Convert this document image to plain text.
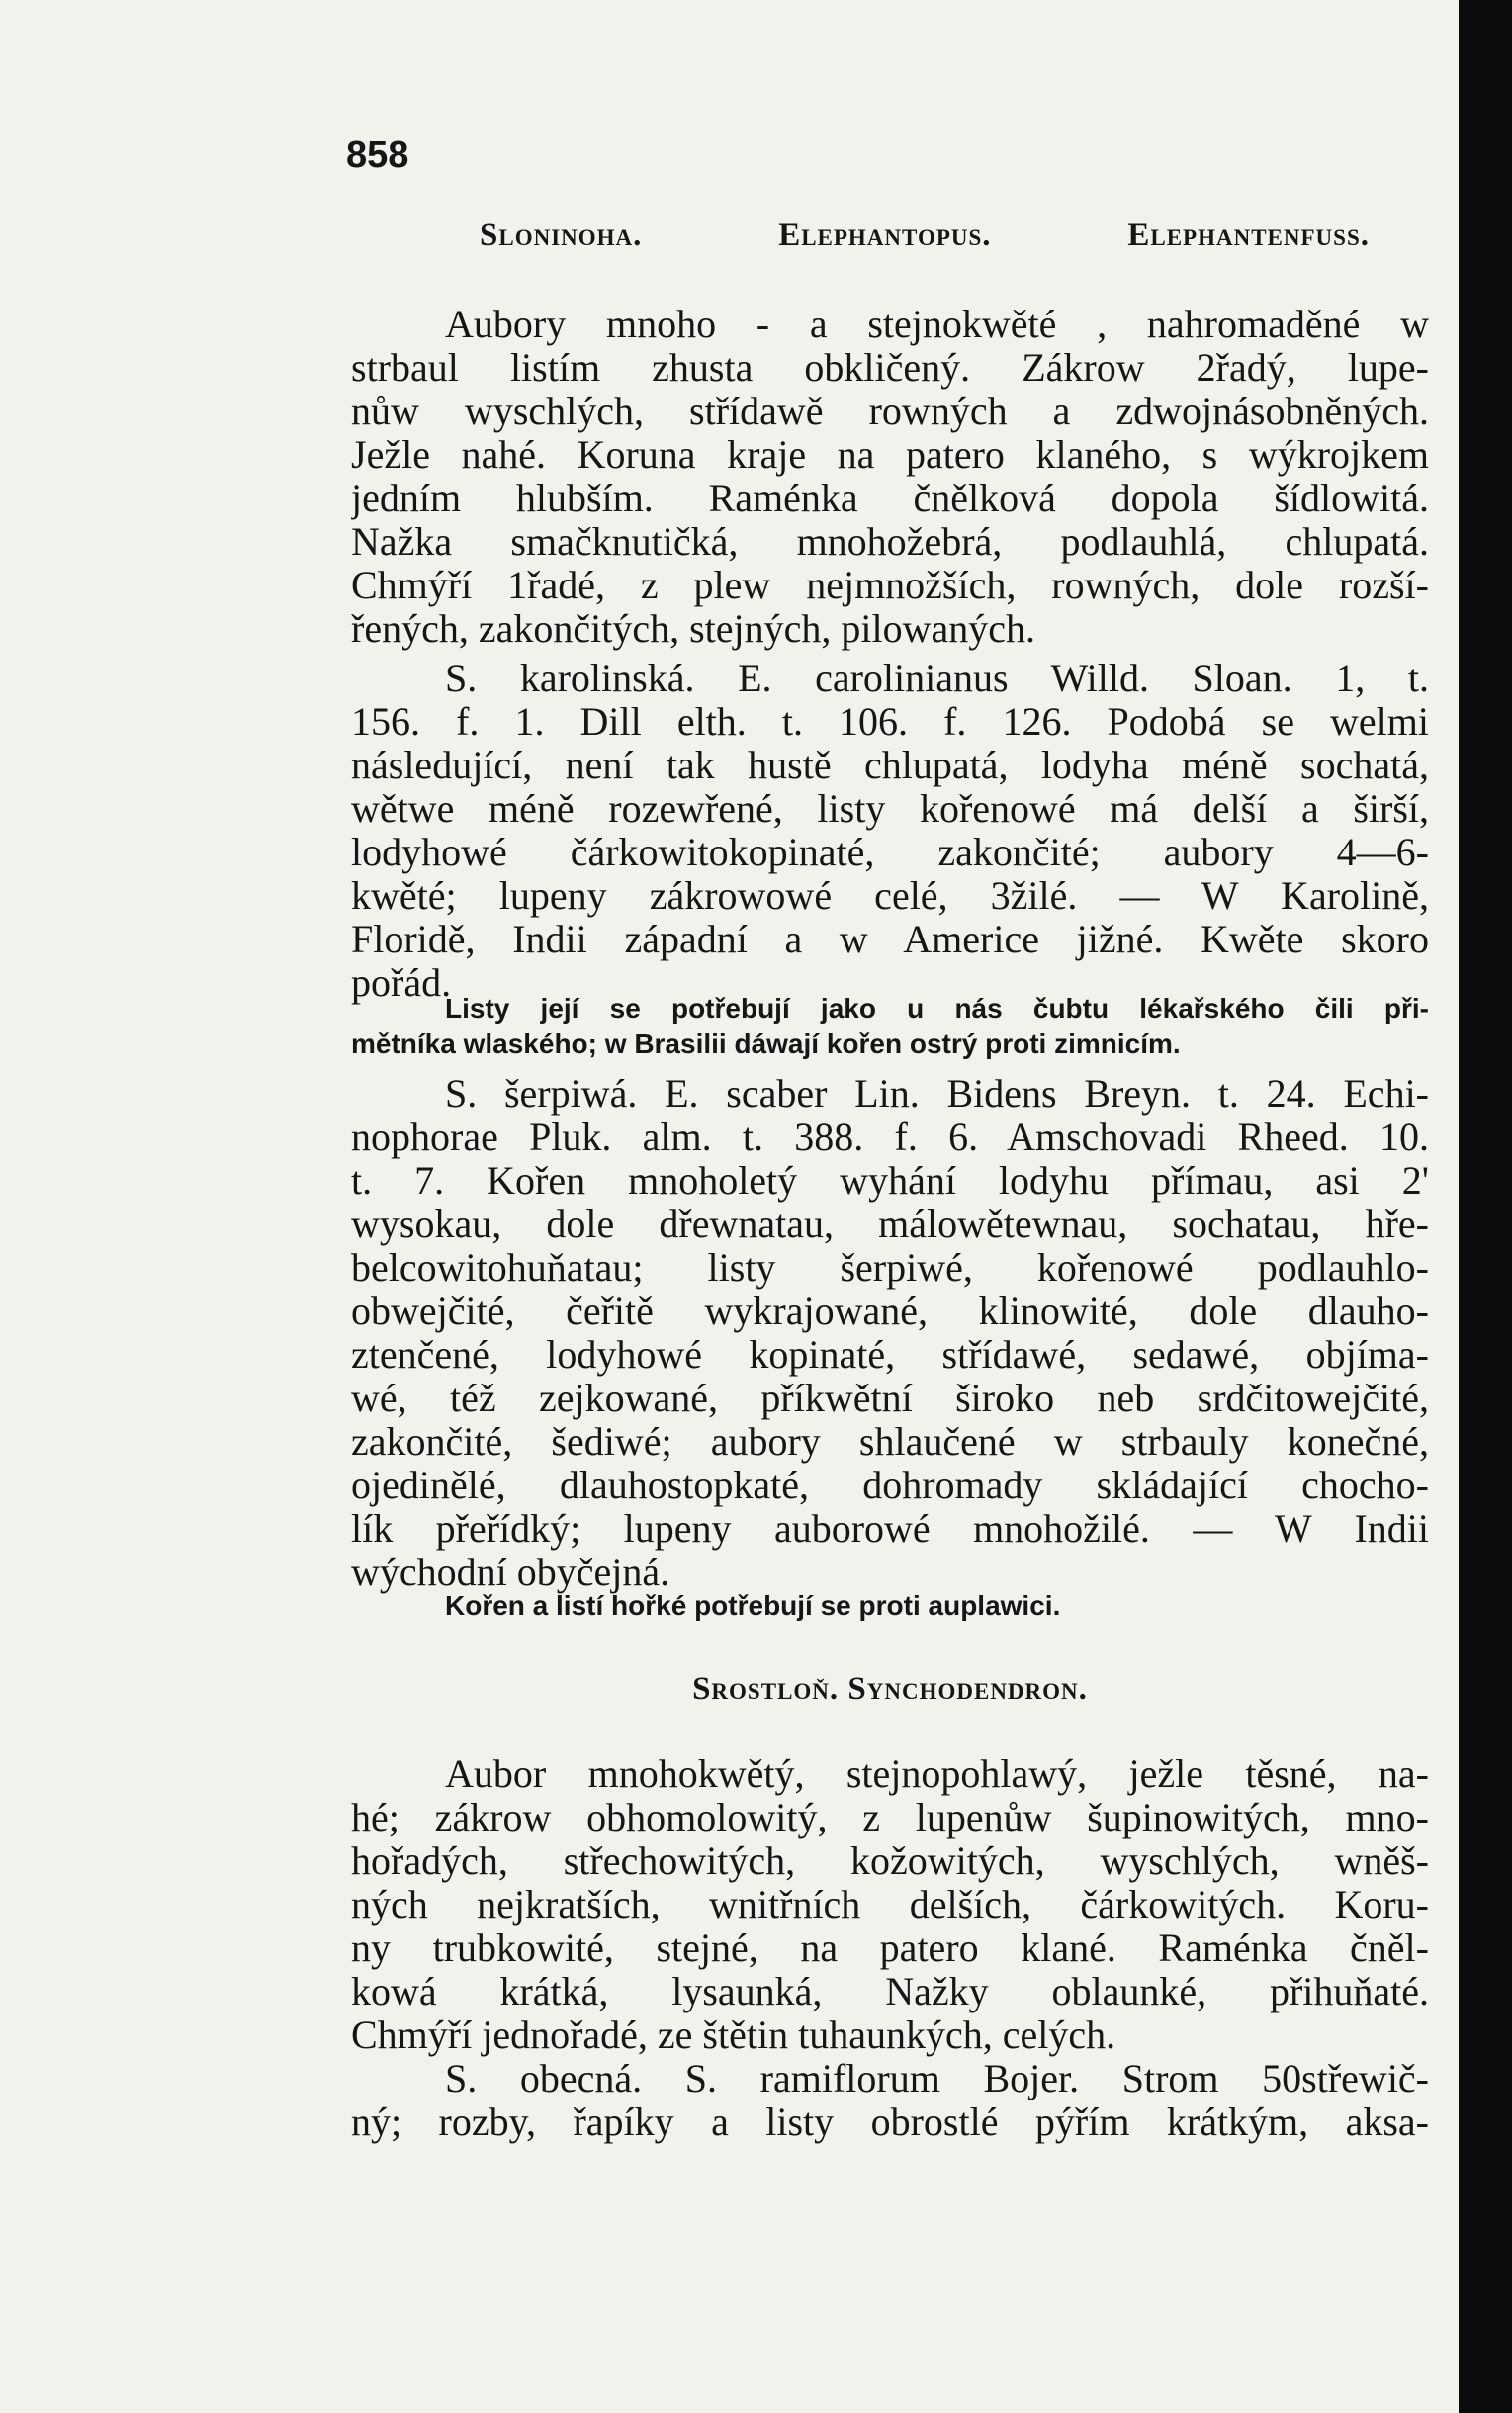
858
Sloninoha. Elephantopus. Elephantenfuss.
Aubory mnoho - a stejnokwěté , nahromaděné w
strbaul listím zhusta obkličený. Zákrow 2řadý, lupe-
nůw wyschlých, střídawě rowných a zdwojnásobněných.
Ježle nahé. Koruna kraje na patero klaného, s wýkrojkem
jedním hlubším. Raménka čnělková dopola šídlowitá.
Nažka smačknutičká, mnohožebrá, podlauhlá, chlupatá.
Chmýří 1řadé, z plew nejmnožších, rowných, dole rozší-
řených, zakončitých, stejných, pilowaných.
S. karolinská. E. carolinianus Willd. Sloan. 1, t.
156. f. 1. Dill elth. t. 106. f. 126. Podobá se welmi
následující, není tak hustě chlupatá, lodyha méně sochatá,
wětwe méně rozewřené, listy kořenowé má delší a širší,
lodyhowé čárkowitokopinaté, zakončité; aubory 4—6-
kwěté; lupeny zákrowowé celé, 3žilé. — W Karolině,
Floridě, Indii západní a w Americe jižné. Kwěte skoro
pořád.
Listy její se potřebují jako u nás čubtu lékařského čili při-
mětníka wlaského; w Brasilii dáwají kořen ostrý proti zimnicím.
S. šerpiwá. E. scaber Lin. Bidens Breyn. t. 24. Echi-
nophorae Pluk. alm. t. 388. f. 6. Amschovadi Rheed. 10.
t. 7. Kořen mnoholetý wyhání lodyhu přímau, asi 2'
wysokau, dole dřewnatau, málowětewnau, sochatau, hře-
belcowitohuňatau; listy šerpiwé, kořenowé podlauhlo-
obwejčité, čeřitě wykrajowané, klinowité, dole dlauho-
ztenčené, lodyhowé kopinaté, střídawé, sedawé, objíma-
wé, též zejkowané, příkwětní široko neb srdčitowejčité,
zakončité, šediwé; aubory shlaučené w strbauly konečné,
ojedinělé, dlauhostopkaté, dohromady skládající chocho-
lík přeřídký; lupeny auborowé mnohožilé. — W Indii
wýchodní obyčejná.
Kořen a listí hořké potřebují se proti auplawici.
Srostloň. Synchodendron.
Aubor mnohokwětý, stejnopohlawý, ježle těsné, na-
hé; zákrow obhomolowitý, z lupenůw šupinowitých, mno-
hořadých, střechowitých, kožowitých, wyschlých, wněš-
ných nejkratších, wnitřních delších, čárkowitých. Koru-
ny trubkowité, stejné, na patero klané. Raménka čněl-
kowá krátká, lysaunká, Nažky oblaunké, přihuňaté.
Chmýří jednořadé, ze štětin tuhaunkých, celých.
S. obecná. S. ramiflorum Bojer. Strom 50střewič-
ný; rozby, řapíky a listy obrostlé pýřím krátkým, aksa-
